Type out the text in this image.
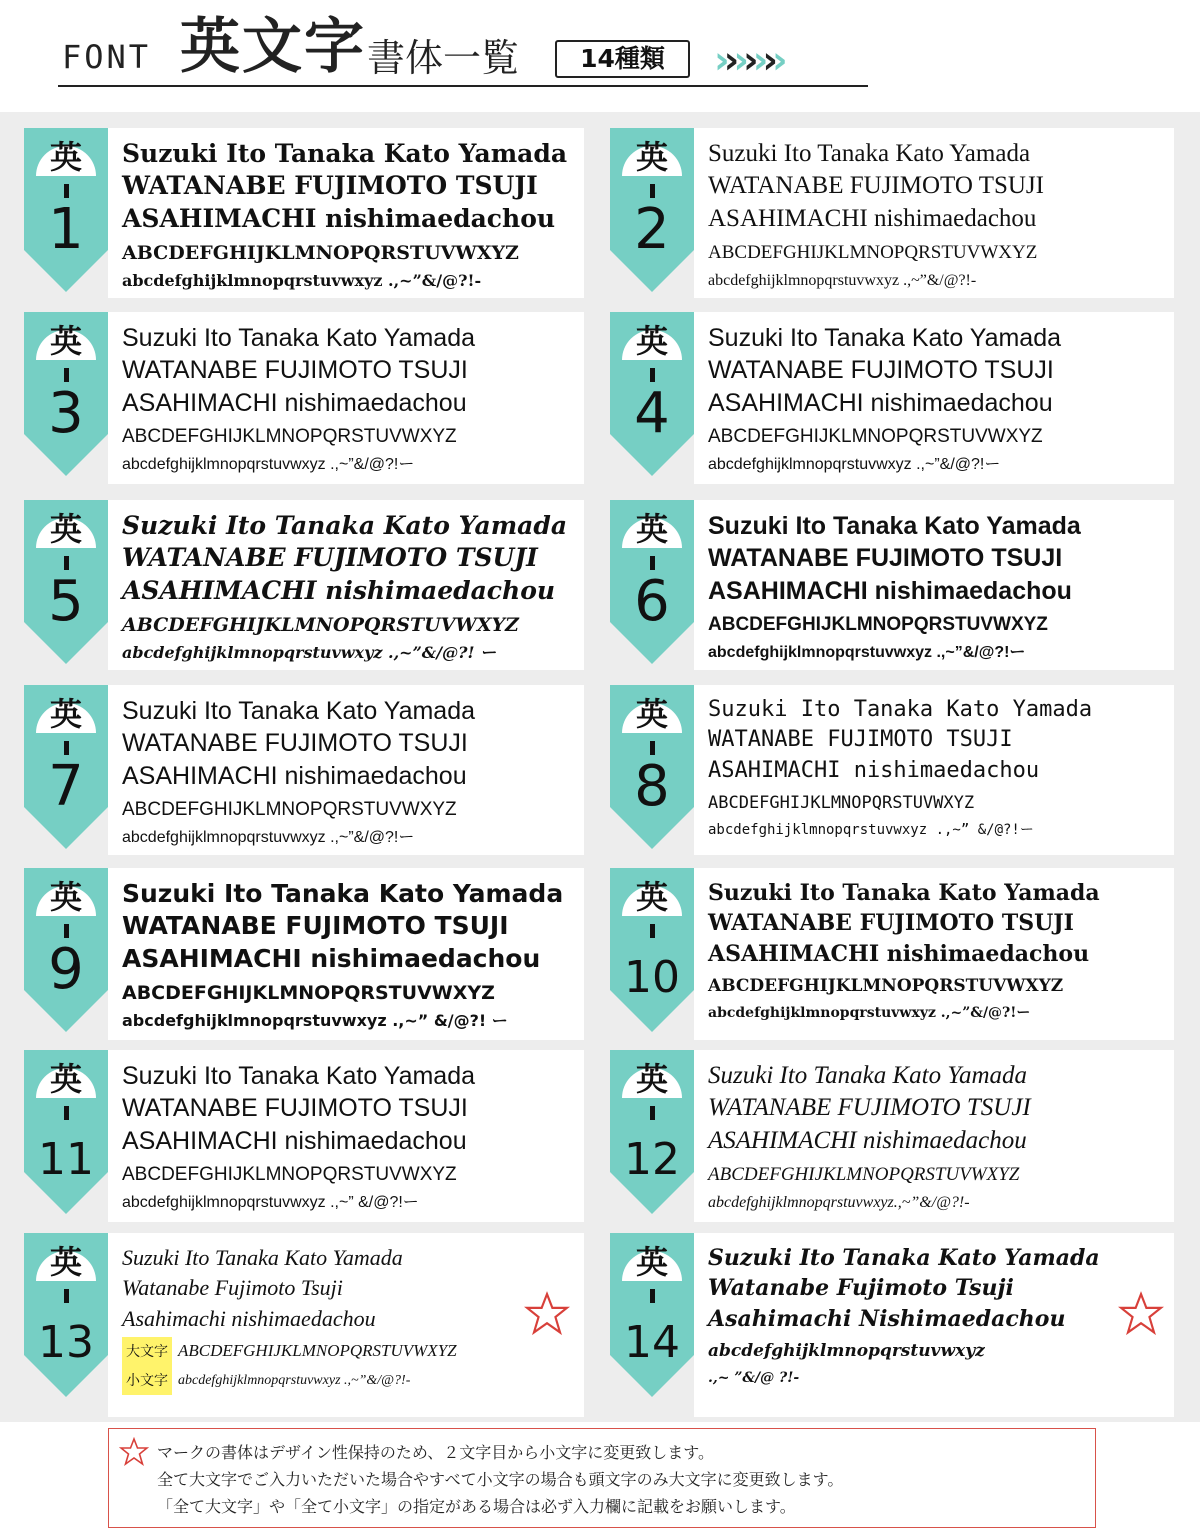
FONT 英文字 書体一覧	14種類	›››››››
英
1
Suzuki Ito Tanaka Kato Yamada
WATANABE FUJIMOTO TSUJI
ASAHIMACHI nishimaedachou
ABCDEFGHIJKLMNOPQRSTUVWXYZ
abcdefghijklmnopqrstuvwxyz .,~”&/@?!-
英
2
Suzuki Ito Tanaka Kato Yamada
WATANABE FUJIMOTO TSUJI
ASAHIMACHI nishimaedachou
ABCDEFGHIJKLMNOPQRSTUVWXYZ
abcdefghijklmnopqrstuvwxyz .,~”&/@?!-
英
3
Suzuki Ito Tanaka Kato Yamada
WATANABE FUJIMOTO TSUJI
ASAHIMACHI nishimaedachou
ABCDEFGHIJKLMNOPQRSTUVWXYZ
abcdefghijklmnopqrstuvwxyz .,~”&/@?!ー
英
4
Suzuki Ito Tanaka Kato Yamada
WATANABE FUJIMOTO TSUJI
ASAHIMACHI nishimaedachou
ABCDEFGHIJKLMNOPQRSTUVWXYZ
abcdefghijklmnopqrstuvwxyz .,~”&/@?!ー
英
5
Suzuki Ito Tanaka Kato Yamada
WATANABE FUJIMOTO TSUJI
ASAHIMACHI nishimaedachou
ABCDEFGHIJKLMNOPQRSTUVWXYZ
abcdefghijklmnopqrstuvwxyz .,~”&/@?! ー
英
6
Suzuki Ito Tanaka Kato Yamada
WATANABE FUJIMOTO TSUJI
ASAHIMACHI nishimaedachou
ABCDEFGHIJKLMNOPQRSTUVWXYZ
abcdefghijklmnopqrstuvwxyz .,~”&/@?!ー
英
7
Suzuki Ito Tanaka Kato Yamada
WATANABE FUJIMOTO TSUJI
ASAHIMACHI nishimaedachou
ABCDEFGHIJKLMNOPQRSTUVWXYZ
abcdefghijklmnopqrstuvwxyz .,~”&/@?!ー
英
8
Suzuki Ito Tanaka Kato Yamada
WATANABE FUJIMOTO TSUJI
ASAHIMACHI nishimaedachou
ABCDEFGHIJKLMNOPQRSTUVWXYZ
abcdefghijklmnopqrstuvwxyz .,~” &/@?!ー
英
9
Suzuki Ito Tanaka Kato Yamada
WATANABE FUJIMOTO TSUJI
ASAHIMACHI nishimaedachou
ABCDEFGHIJKLMNOPQRSTUVWXYZ
abcdefghijklmnopqrstuvwxyz .,~” &/@?! ー
英
10
Suzuki Ito Tanaka Kato Yamada
WATANABE FUJIMOTO TSUJI
ASAHIMACHI nishimaedachou
ABCDEFGHIJKLMNOPQRSTUVWXYZ
abcdefghijklmnopqrstuvwxyz .,~”&/@?!ー
英
11
Suzuki Ito Tanaka Kato Yamada
WATANABE FUJIMOTO TSUJI
ASAHIMACHI nishimaedachou
ABCDEFGHIJKLMNOPQRSTUVWXYZ
abcdefghijklmnopqrstuvwxyz .,~” &/@?!ー
英
12
Suzuki Ito Tanaka Kato Yamada
WATANABE FUJIMOTO TSUJI
ASAHIMACHI nishimaedachou
ABCDEFGHIJKLMNOPQRSTUVWXYZ
abcdefghijklmnopqrstuvwxyz.,~”&/@?!-
英
13
Suzuki Ito Tanaka Kato Yamada
Watanabe Fujimoto Tsuji
Asahimachi nishimaedachou
大文字 ABCDEFGHIJKLMNOPQRSTUVWXYZ
小文字 abcdefghijklmnopqrstuvwxyz .,~”&/@?!-
英
14
Suzuki Ito Tanaka Kato Yamada
Watanabe Fujimoto Tsuji
Asahimachi Nishimaedachou
abcdefghijklmnopqrstuvwxyz
.,~ ”&/@ ?!-
マークの書体はデザイン性保持のため、２文字目から小文字に変更致します。
全て大文字でご入力いただいた場合やすべて小文字の場合も頭文字のみ大文字に変更致します。
「全て大文字」や「全て小文字」の指定がある場合は必ず入力欄に記載をお願いします。
